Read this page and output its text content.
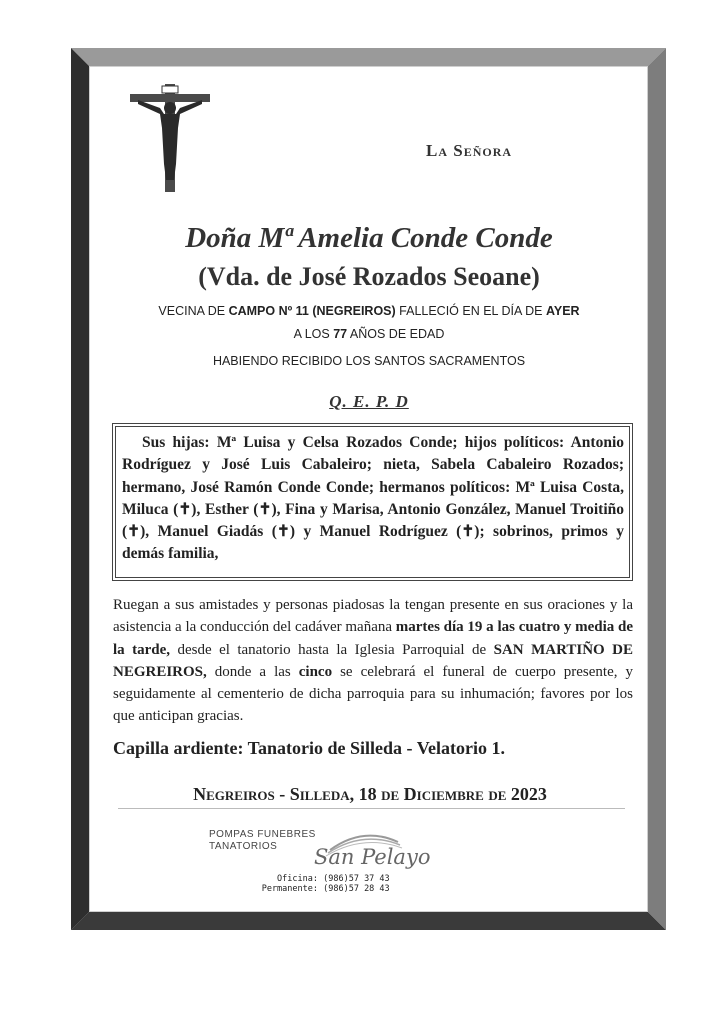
La Señora
Doña Mª Amelia Conde Conde
(Vda. de José Rozados Seoane)
VECINA DE CAMPO Nº 11 (NEGREIROS) FALLECIÓ EN EL DÍA DE AYER
A LOS 77 AÑOS DE EDAD
HABIENDO RECIBIDO LOS SANTOS SACRAMENTOS
Q. E. P. D

Sus hijas: Mª Luisa y Celsa Rozados Conde; hijos políticos: Antonio Rodríguez y José Luis Cabaleiro; nieta, Sabela Cabaleiro Rozados; hermano, José Ramón Conde Conde; hermanos políticos: Mª Luisa Costa, Miluca (✝), Esther (✝), Fina y Marisa, Antonio González, Manuel Troitiño (✝), Manuel Giadás (✝) y Manuel Rodríguez (✝); sobrinos, primos y demás familia,

Ruegan a sus amistades y personas piadosas la tengan presente en sus oraciones y la asistencia a la conducción del cadáver mañana martes día 19 a las cuatro y media de la tarde, desde el tanatorio hasta la Iglesia Parroquial de SAN MARTIÑO DE NEGREIROS, donde a las cinco se celebrará el funeral de cuerpo presente, y seguidamente al cementerio de dicha parroquia para su inhumación; favores por los que anticipan gracias.

Capilla ardiente: Tanatorio de Silleda - Velatorio 1.
Negreiros - Silleda, 18 de Diciembre de 2023
POMPAS FUNEBRES
TANATORIOS	San Pelayo
Oficina: (986)57 37 43
Permanente: (986)57 28 43
